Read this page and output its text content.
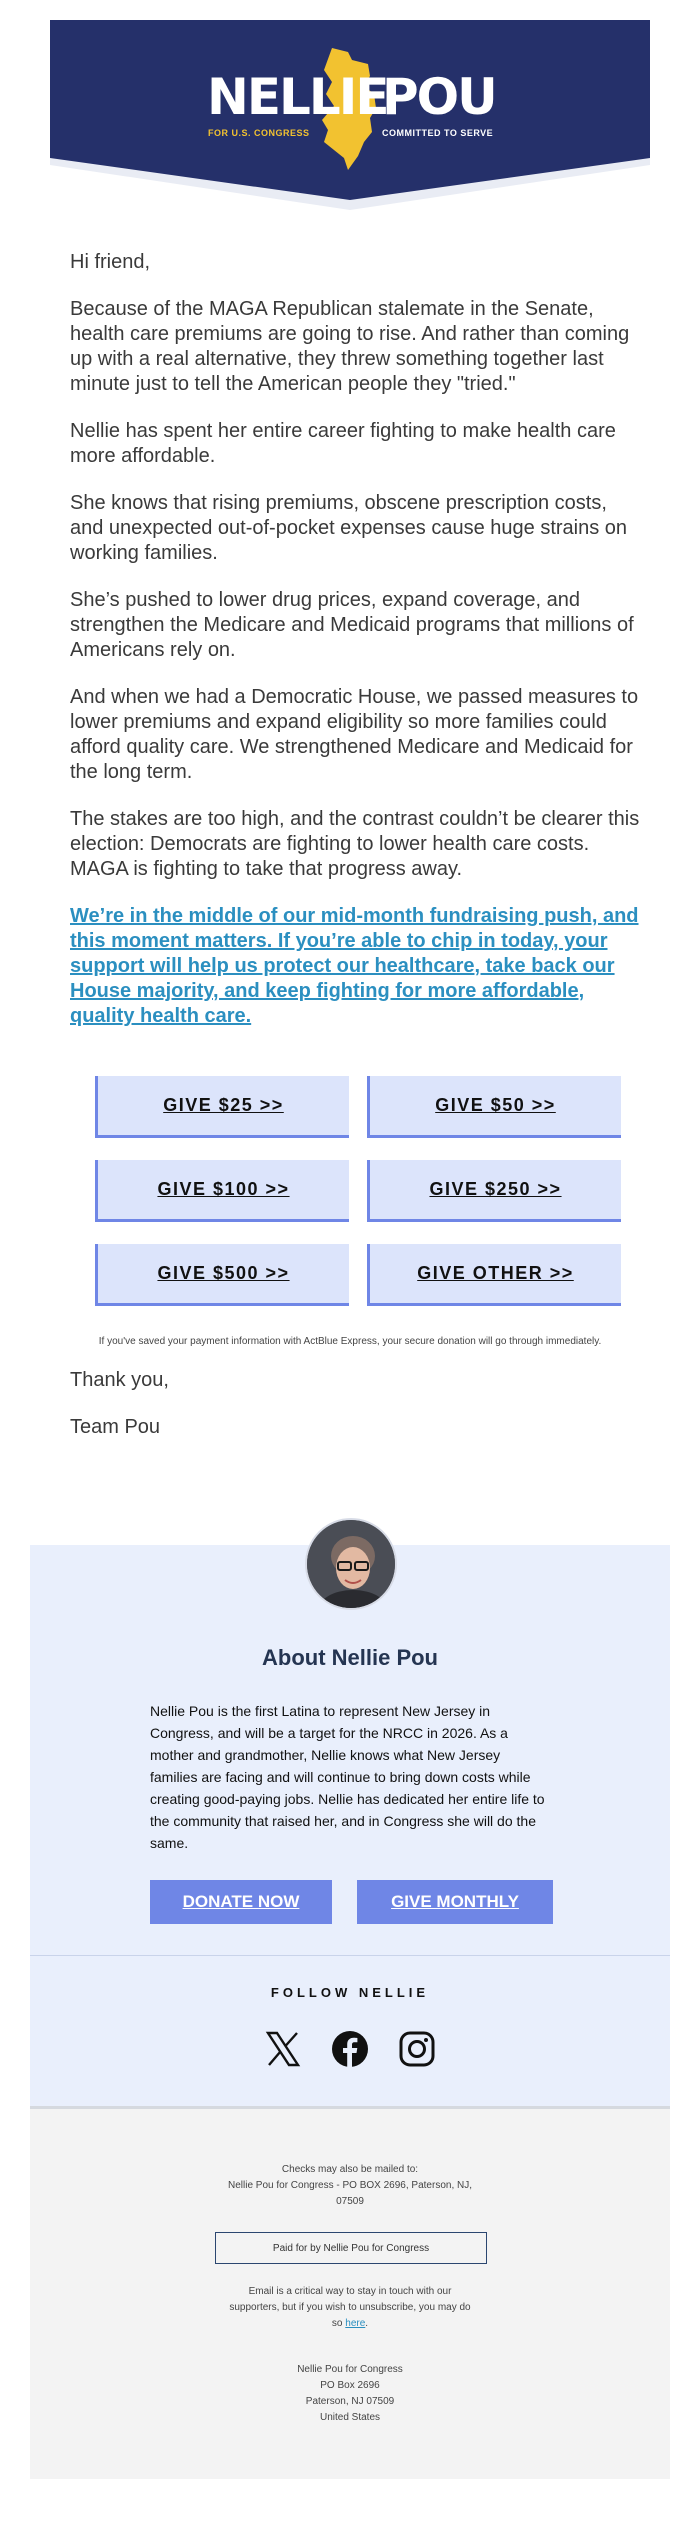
NELLIE
POU
FOR U.S. CONGRESS	COMMITTED TO SERVE

Hi friend,

Because of the MAGA Republican stalemate in the Senate, health care premiums are going to rise. And rather than coming up with a real alternative, they threw something together last minute just to tell the American people they "tried."

Nellie has spent her entire career fighting to make health care more affordable.

She knows that rising premiums, obscene prescription costs, and unexpected out-of-pocket expenses cause huge strains on working families.

She’s pushed to lower drug prices, expand coverage, and strengthen the Medicare and Medicaid programs that millions of Americans rely on.

And when we had a Democratic House, we passed measures to lower premiums and expand eligibility so more families could afford quality care. We strengthened Medicare and Medicaid for the long term.

The stakes are too high, and the contrast couldn’t be clearer this election: Democrats are fighting to lower health care costs. MAGA is fighting to take that progress away.

We’re in the middle of our mid-month fundraising push, and this moment matters. If you’re able to chip in today, your support will help us protect our healthcare, take back our House majority, and keep fighting for more affordable, quality health care.
GIVE $25 >>	GIVE $50 >>
GIVE $100 >>	GIVE $250 >>
GIVE $500 >>	GIVE OTHER >>
If you've saved your payment information with ActBlue Express, your secure donation will go through immediately.

Thank you,

Team Pou

About Nellie Pou
Nellie Pou is the first Latina to represent New Jersey in Congress, and will be a target for the NRCC in 2026. As a mother and grandmother, Nellie knows what New Jersey families are facing and will continue to bring down costs while creating good-paying jobs. Nellie has dedicated her entire life to the community that raised her, and in Congress she will do the same.
DONATE NOW	GIVE MONTHLY
FOLLOW NELLIE
Checks may also be mailed to:
Nellie Pou for Congress - PO BOX 2696, Paterson, NJ,
07509
Paid for by Nellie Pou for Congress
Email is a critical way to stay in touch with our
supporters, but if you wish to unsubscribe, you may do
so here.
Nellie Pou for Congress
PO Box 2696
Paterson, NJ 07509
United States
